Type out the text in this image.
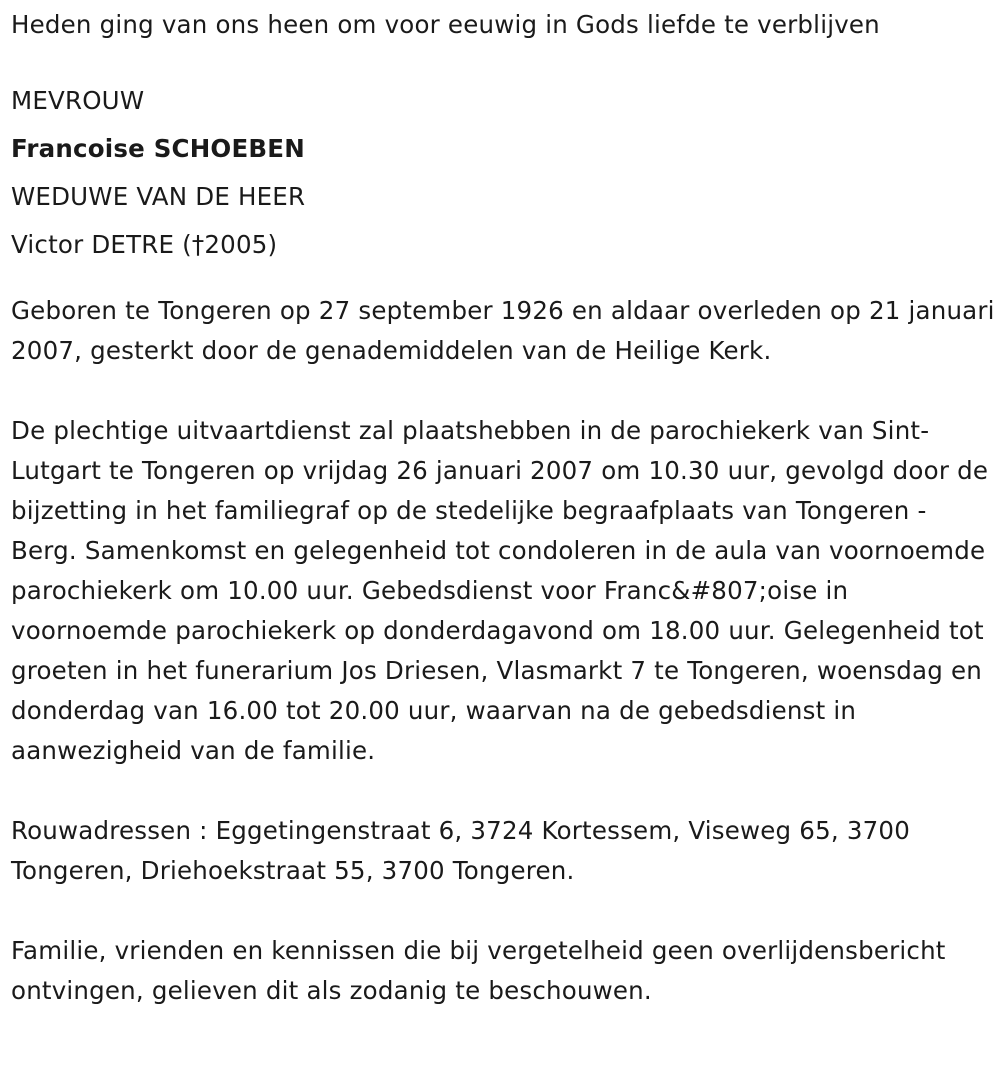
Heden ging van ons heen om voor eeuwig in Gods liefde te verblijven

MEVROUW
Francoise SCHOEBEN
WEDUWE VAN DE HEER
Victor DETRE (†2005)

Geboren te Tongeren op 27 september 1926 en aldaar overleden op 21 januari 2007, gesterkt door de genademiddelen van de Heilige Kerk.

De plechtige uitvaartdienst zal plaatshebben in de parochiekerk van Sint-Lutgart te Tongeren op vrijdag 26 januari 2007 om 10.30 uur, gevolgd door de bijzetting in het familiegraf op de stedelijke begraafplaats van Tongeren - Berg. Samenkomst en gelegenheid tot condoleren in de aula van voornoemde parochiekerk om 10.00 uur. Gebedsdienst voor Franc&#807;oise in voornoemde parochiekerk op donderdagavond om 18.00 uur. Gelegenheid tot groeten in het funerarium Jos Driesen, Vlasmarkt 7 te Tongeren, woensdag en donderdag van 16.00 tot 20.00 uur, waarvan na de gebedsdienst in aanwezigheid van de familie.

Rouwadressen : Eggetingenstraat 6, 3724 Kortessem, Viseweg 65, 3700 Tongeren, Driehoekstraat 55, 3700 Tongeren.

Familie, vrienden en kennissen die bij vergetelheid geen overlijdensbericht ontvingen, gelieven dit als zodanig te beschouwen.
